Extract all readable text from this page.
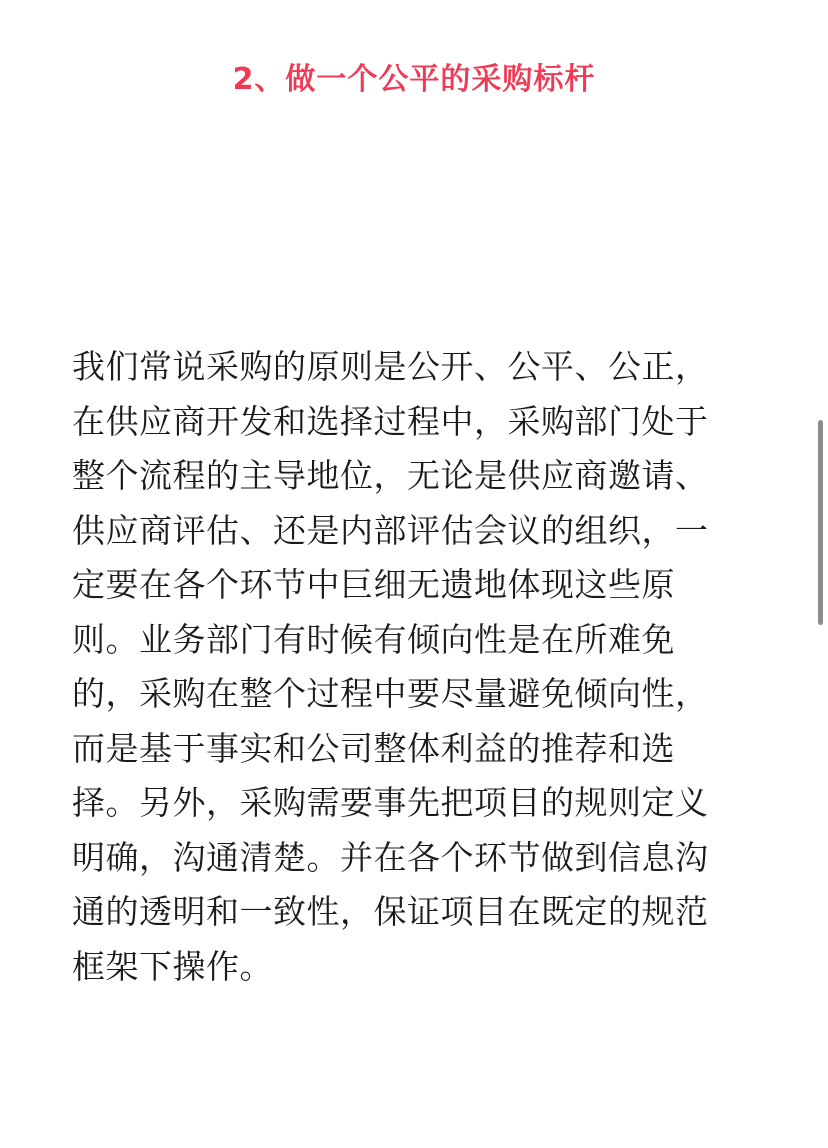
2、做一个公平的采购标杆
我们常说采购的原则是公开、公平、公正，
在供应商开发和选择过程中，采购部门处于
整个流程的主导地位，无论是供应商邀请、
供应商评估、还是内部评估会议的组织，一
定要在各个环节中巨细无遗地体现这些原
则。业务部门有时候有倾向性是在所难免
的，采购在整个过程中要尽量避免倾向性，
而是基于事实和公司整体利益的推荐和选
择。另外，采购需要事先把项目的规则定义
明确，沟通清楚。并在各个环节做到信息沟
通的透明和一致性，保证项目在既定的规范
框架下操作。
